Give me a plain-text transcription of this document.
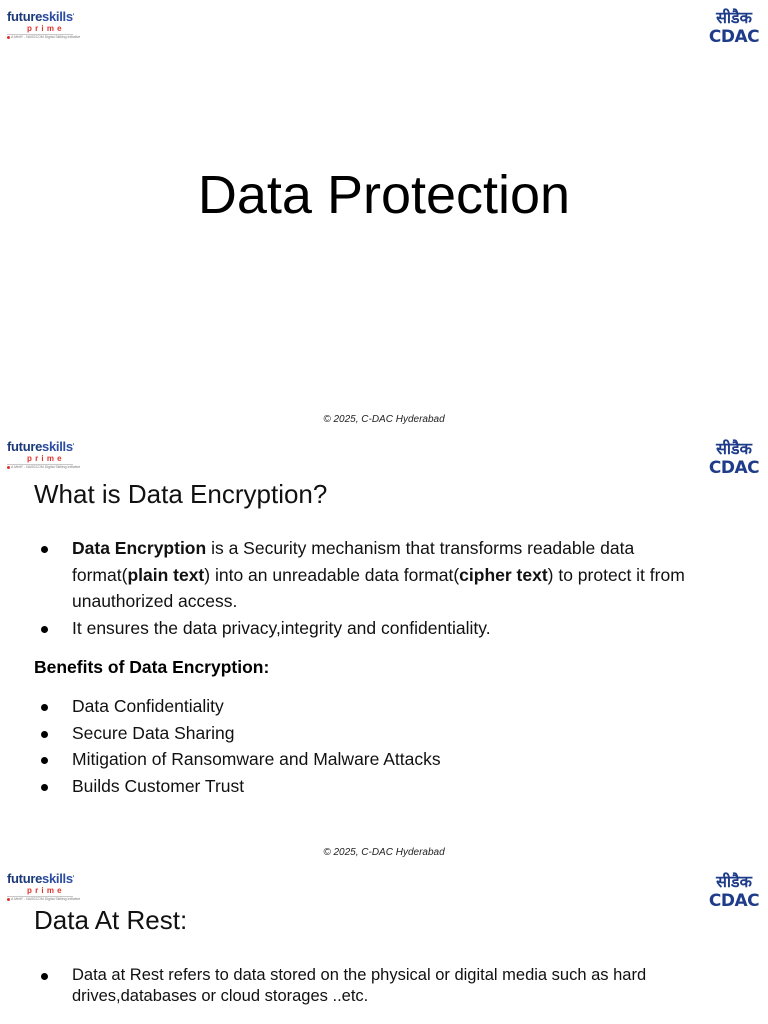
futureskills'
prime
A MeitY - NASSCOM Digital Skilling Initiative
सीडैक
CDAC
Data Protection
© 2025, C-DAC Hyderabad
futureskills'
prime
A MeitY - NASSCOM Digital Skilling Initiative
सीडैक
CDAC
What is Data Encryption?
Data Encryption is a Security mechanism that transforms readable data format(plain text) into an unreadable data format(cipher text) to protect it from unauthorized access.
It ensures the data privacy,integrity and confidentiality.
Benefits of Data Encryption:
Data Confidentiality
Secure Data Sharing
Mitigation of Ransomware and Malware Attacks
Builds Customer Trust
© 2025, C-DAC Hyderabad
futureskills'
prime
A MeitY - NASSCOM Digital Skilling Initiative
सीडैक
CDAC
Data At Rest:
Data at Rest refers to data stored on the physical or digital media such as hard drives,databases or cloud storages ..etc.
